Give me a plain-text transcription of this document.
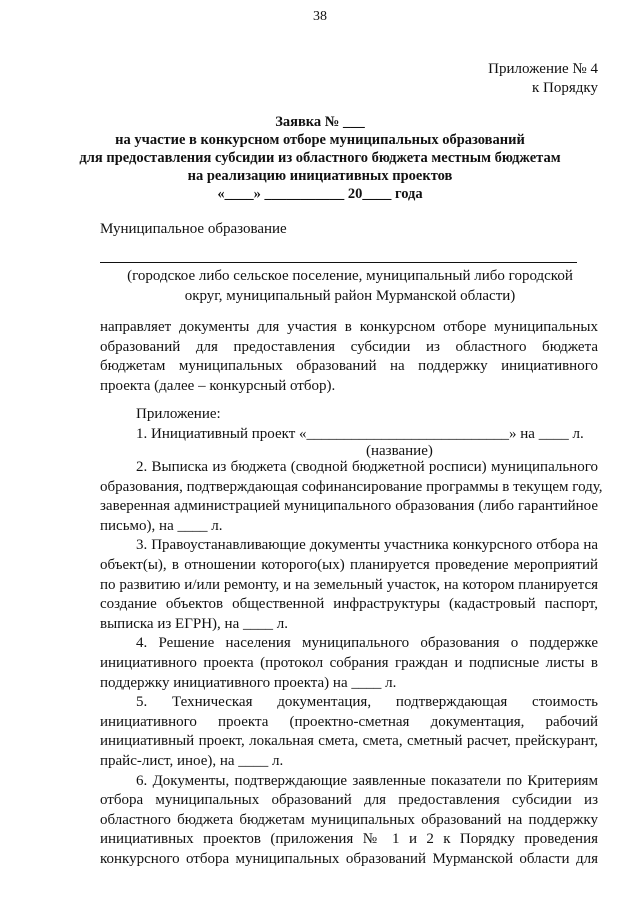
38
Приложение № 4
к Порядку
Заявка № ___
на участие в конкурсном отборе муниципальных образований
для предоставления субсидии из областного бюджета местным бюджетам
на реализацию инициативных проектов
«____» ___________ 20____ года
Муниципальное образование
(городское либо сельское поселение, муниципальный либо городской
округ, муниципальный район Мурманской области)
направляет документы для участия в конкурсном отборе муниципальных
образований для предоставления субсидии из областного бюджета
бюджетам муниципальных образований на поддержку инициативного
проекта (далее – конкурсный отбор).
Приложение:
1. Инициативный проект «___________________________» на ____ л.
(название)
2. Выписка из бюджета (сводной бюджетной росписи) муниципального
образования, подтверждающая софинансирование программы в текущем году,
заверенная администрацией муниципального образования (либо гарантийное
письмо), на ____ л.
3. Правоустанавливающие документы участника конкурсного отбора на
объект(ы), в отношении которого(ых) планируется проведение мероприятий
по развитию и/или ремонту, и на земельный участок, на котором планируется
создание объектов общественной инфраструктуры (кадастровый паспорт,
выписка из ЕГРН), на ____ л.
4. Решение населения муниципального образования о поддержке
инициативного проекта (протокол собрания граждан и подписные листы в
поддержку инициативного проекта) на ____ л.
5. Техническая документация, подтверждающая стоимость
инициативного проекта (проектно-сметная документация, рабочий
инициативный проект, локальная смета, смета, сметный расчет, прейскурант,
прайс-лист, иное), на ____ л.
6. Документы, подтверждающие заявленные показатели по Критериям
отбора муниципальных образований для предоставления субсидии из
областного бюджета бюджетам муниципальных образований на поддержку
инициативных проектов (приложения № 1 и 2 к Порядку проведения
конкурсного отбора муниципальных образований Мурманской области для
